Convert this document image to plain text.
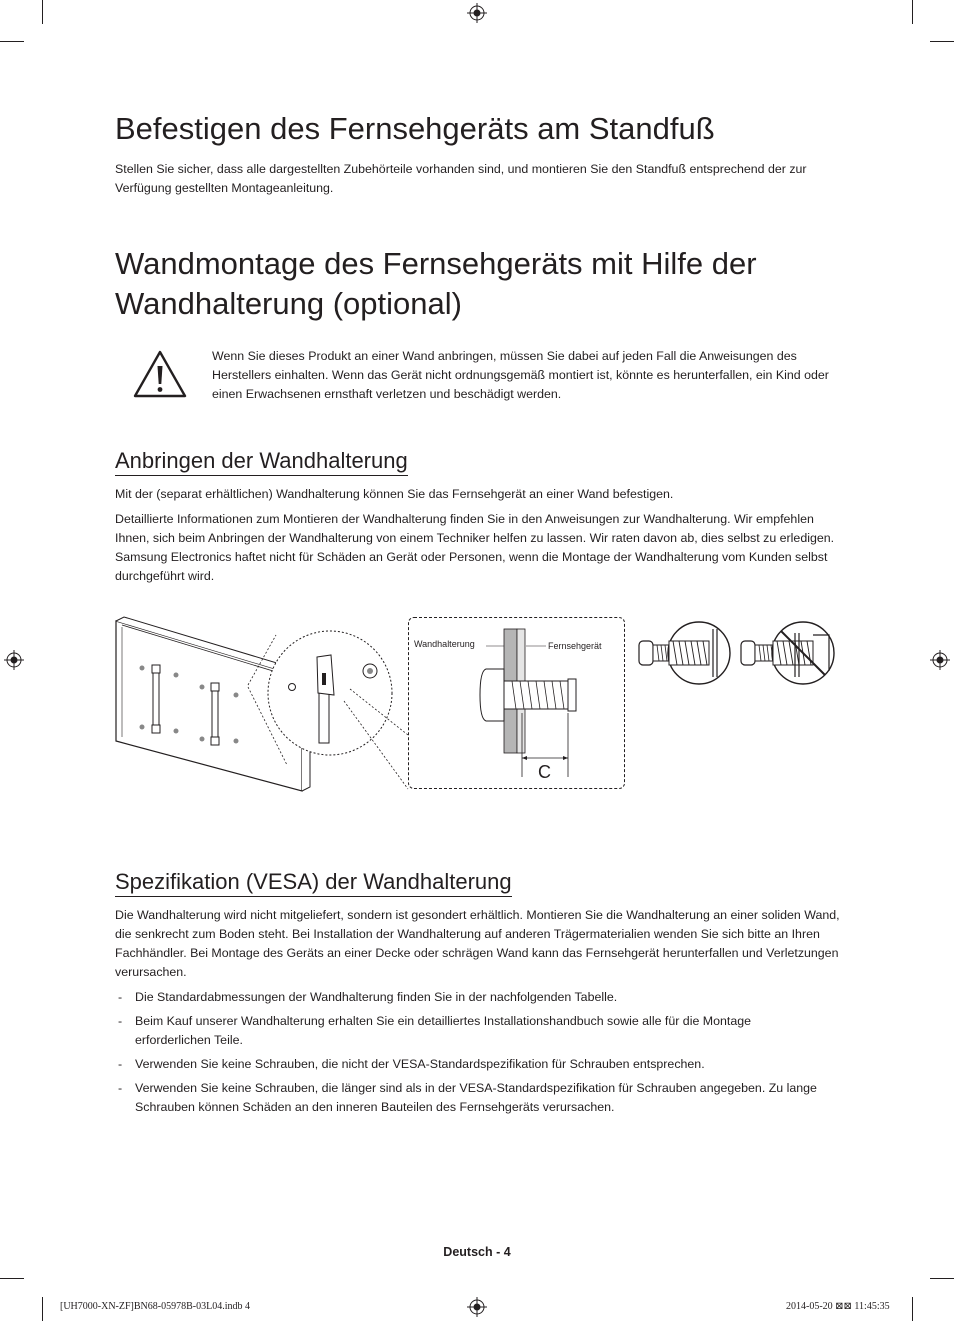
Befestigen des Fernsehgeräts am Standfuß

Stellen Sie sicher, dass alle dargestellten Zubehörteile vorhanden sind, und montieren Sie den Standfuß entsprechend der zur Verfügung gestellten Montageanleitung.

Wandmontage des Fernsehgeräts mit Hilfe der
Wandhalterung (optional)

Wenn Sie dieses Produkt an einer Wand anbringen, müssen Sie dabei auf jeden Fall die Anweisungen des Herstellers einhalten. Wenn das Gerät nicht ordnungsgemäß montiert ist, könnte es herunterfallen, ein Kind oder einen Erwachsenen ernsthaft verletzen und beschädigt werden.

Anbringen der Wandhalterung

Mit der (separat erhältlichen) Wandhalterung können Sie das Fernsehgerät an einer Wand befestigen.

Detaillierte Informationen zum Montieren der Wandhalterung finden Sie in den Anweisungen zur Wandhalterung. Wir empfehlen Ihnen, sich beim Anbringen der Wandhalterung von einem Techniker helfen zu lassen. Wir raten davon ab, dies selbst zu erledigen. Samsung Electronics haftet nicht für Schäden an Gerät oder Personen, wenn die Montage der Wandhalterung vom Kunden selbst durchgeführt wird.

Wandhalterung	Fernsehgerät
C
Spezifikation (VESA) der Wandhalterung

Die Wandhalterung wird nicht mitgeliefert, sondern ist gesondert erhältlich. Montieren Sie die Wandhalterung an einer soliden Wand, die senkrecht zum Boden steht. Bei Installation der Wandhalterung auf anderen Trägermaterialien wenden Sie sich bitte an Ihren Fachhändler. Bei Montage des Geräts an einer Decke oder schrägen Wand kann das Fernsehgerät herunterfallen und Verletzungen verursachen.

- Die Standardabmessungen der Wandhalterung finden Sie in der nachfolgenden Tabelle.
- Beim Kauf unserer Wandhalterung erhalten Sie ein detailliertes Installationshandbuch sowie alle für die Montage erforderlichen Teile.
- Verwenden Sie keine Schrauben, die nicht der VESA-Standardspezifikation für Schrauben entsprechen.
- Verwenden Sie keine Schrauben, die länger sind als in der VESA-Standardspezifikation für Schrauben angegeben. Zu lange Schrauben können Schäden an den inneren Bauteilen des Fernsehgeräts verursachen.
Deutsch - 4
[UH7000-XN-ZF]BN68-05978B-03L04.indb 4	2014-05-20 ⊠⊠ 11:45:35
